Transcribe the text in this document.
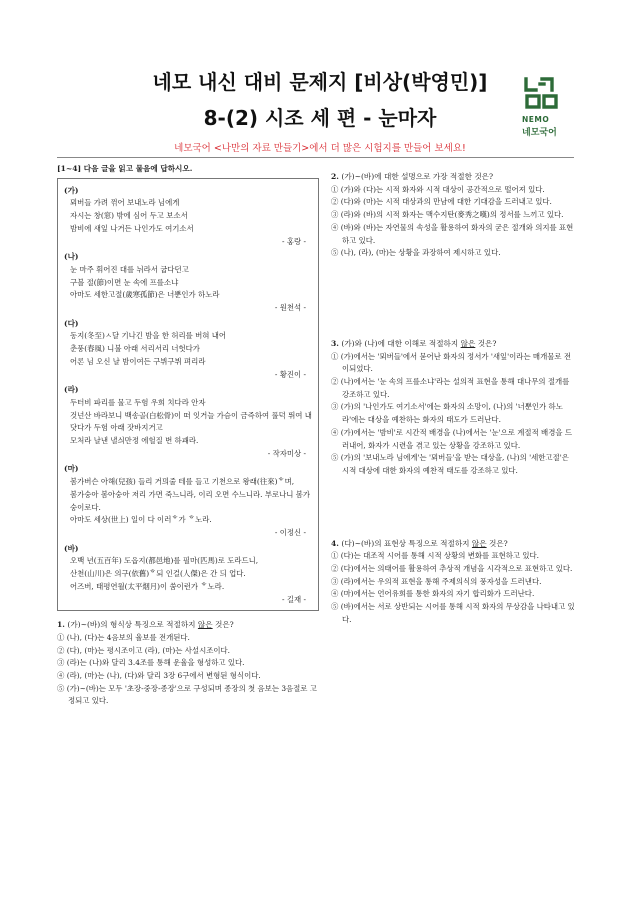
네모 내신 대비 문제지 [비상(박영민)]
8-(2) 시조 세 편 - 눈마자
네모국어 <나만의 자료 만들기>에서 더 많은 시험지를 만들어 보세요!
NEMO
네모국어
[1~4] 다음 글을 읽고 물음에 답하시오.
(가)
뫼버들 가려 꺾어 보내노라 님에게
자시는 창(窓) 밖에 심어 두고 보소서
밤비에 새잎 나거든 나인가도 여기소서
- 홍랑 -
(나)
눈 마주 휘어진 대를 뉘라서 굽다던고
구블 절(節)이면 눈 속에 프를소냐
아마도 세한고절(歲寒孤節)은 너뿐인가 하노라
- 원천석 -
(다)
동지(冬至)ㅅ달 기나긴 밤을 한 허리를 버혀 내어
춘풍(春風) 니불 아래 서리서리 너헛다가
어론 님 오신 날 밤이여든 구뷔구뷔 펴리라
- 황진이 -
(라)
두터비 파리를 물고 두험 우희 치다라 안자
것넌산 바라보니 백송골(白松骨)이 떠 잇거늘 가슴이 금즉하여 풀덕 뛰여 내닷다가 두험 아래 잣바지거고
모처라 날낸 낼싀만정 에헐질 번 하괘라.
- 작자미상 -
(마)
봄가버슨 아해(兒孩) 들리 거믜줄 테를 들고 기천으로 왕래(往來)ᄒ며,
봄가숭아 봄아숭아 저리 가면 죽느니라, 이리 오면 수느니라. 부로나니 봄가숭이로다.
아마도 세상(世上) 일이 다 이러ᄒ가 ᄒ노라.
- 이정신 -
(바)
오백 년(五百年) 도읍지(都邑地)를 필마(匹馬)로 도라드니,
산천(山川)은 의구(依舊)ᄒ되 인걸(人傑)은 간 듸 업다.
어즈버, 태평연월(太平烟月)이 쑴이런가 ᄒ노라.
- 길재 -
1. (가)~(바)의 형식상 특징으로 적절하지 않은 것은?
① (나), (다)는 4음보의 율보를 전개된다.
② (다), (마)는 평시조이고 (라), (마)는 사설시조이다.
③ (라)는 (나)와 달리 3.4조를 통해 운율을 형성하고 있다.
④ (라), (마)는 (나), (다)와 달리 3장 6구에서 변형된 형식이다.
⑤ (가)~(바)는 모두 '초장-중장-종장'으로 구성되며 종장의 첫 음보는 3음절로 고정되고 있다.
2. (가)~(바)에 대한 설명으로 가장 적절한 것은?
① (가)와 (다)는 시적 화자와 시적 대상이 공간적으로 떨어져 있다.
② (다)와 (마)는 시적 대상과의 만남에 대한 기대감을 드러내고 있다.
③ (라)와 (바)의 시적 화자는 맥수지탄(麥秀之嘆)의 정서를 느끼고 있다.
④ (바)와 (바)는 자연물의 속성을 활용하여 화자의 굳은 절개와 의지를 표현하고 있다.
⑤ (나), (라), (마)는 상황을 과장하여 제시하고 있다.
3. (가)와 (나)에 대한 이해로 적절하지 않은 것은?
① (가)에서는 '뫼버들'에서 묻어난 화자의 정서가 '새잎'이라는 매개물로 전이되었다.
② (나)에서는 '눈 속의 프를소냐'라는 설의적 표현을 통해 대나무의 절개를 강조하고 있다.
③ (가)의 '나인가도 여기소서'에는 화자의 소망이, (나)의 '너뿐인가 하노라'에는 대상을 예찬하는 화자의 태도가 드러난다.
④ (가)에서는 '밤비'로 시간적 배경을 (나)에서는 '눈'으로 계절적 배경을 드러내어, 화자가 시련을 겪고 있는 상황을 강조하고 있다.
⑤ (가)의 '보내노라 님에게'는 '뫼버들'을 받는 대상을, (나)의 '세한고절'은 시적 대상에 대한 화자의 예찬적 태도를 강조하고 있다.
4. (다)~(바)의 표현상 특징으로 적절하지 않은 것은?
① (다)는 대조적 시어를 통해 시적 상황의 변화를 표현하고 있다.
② (다)에서는 의태어를 활용하여 추상적 개념을 시각적으로 표현하고 있다.
③ (라)에서는 우의적 표현을 통해 주제의식의 풍자성을 드러낸다.
④ (마)에서는 언어유희를 통한 화자의 자기 합리화가 드러난다.
⑤ (바)에서는 서로 상반되는 시어를 통해 시적 화자의 무상감을 나타내고 있다.
